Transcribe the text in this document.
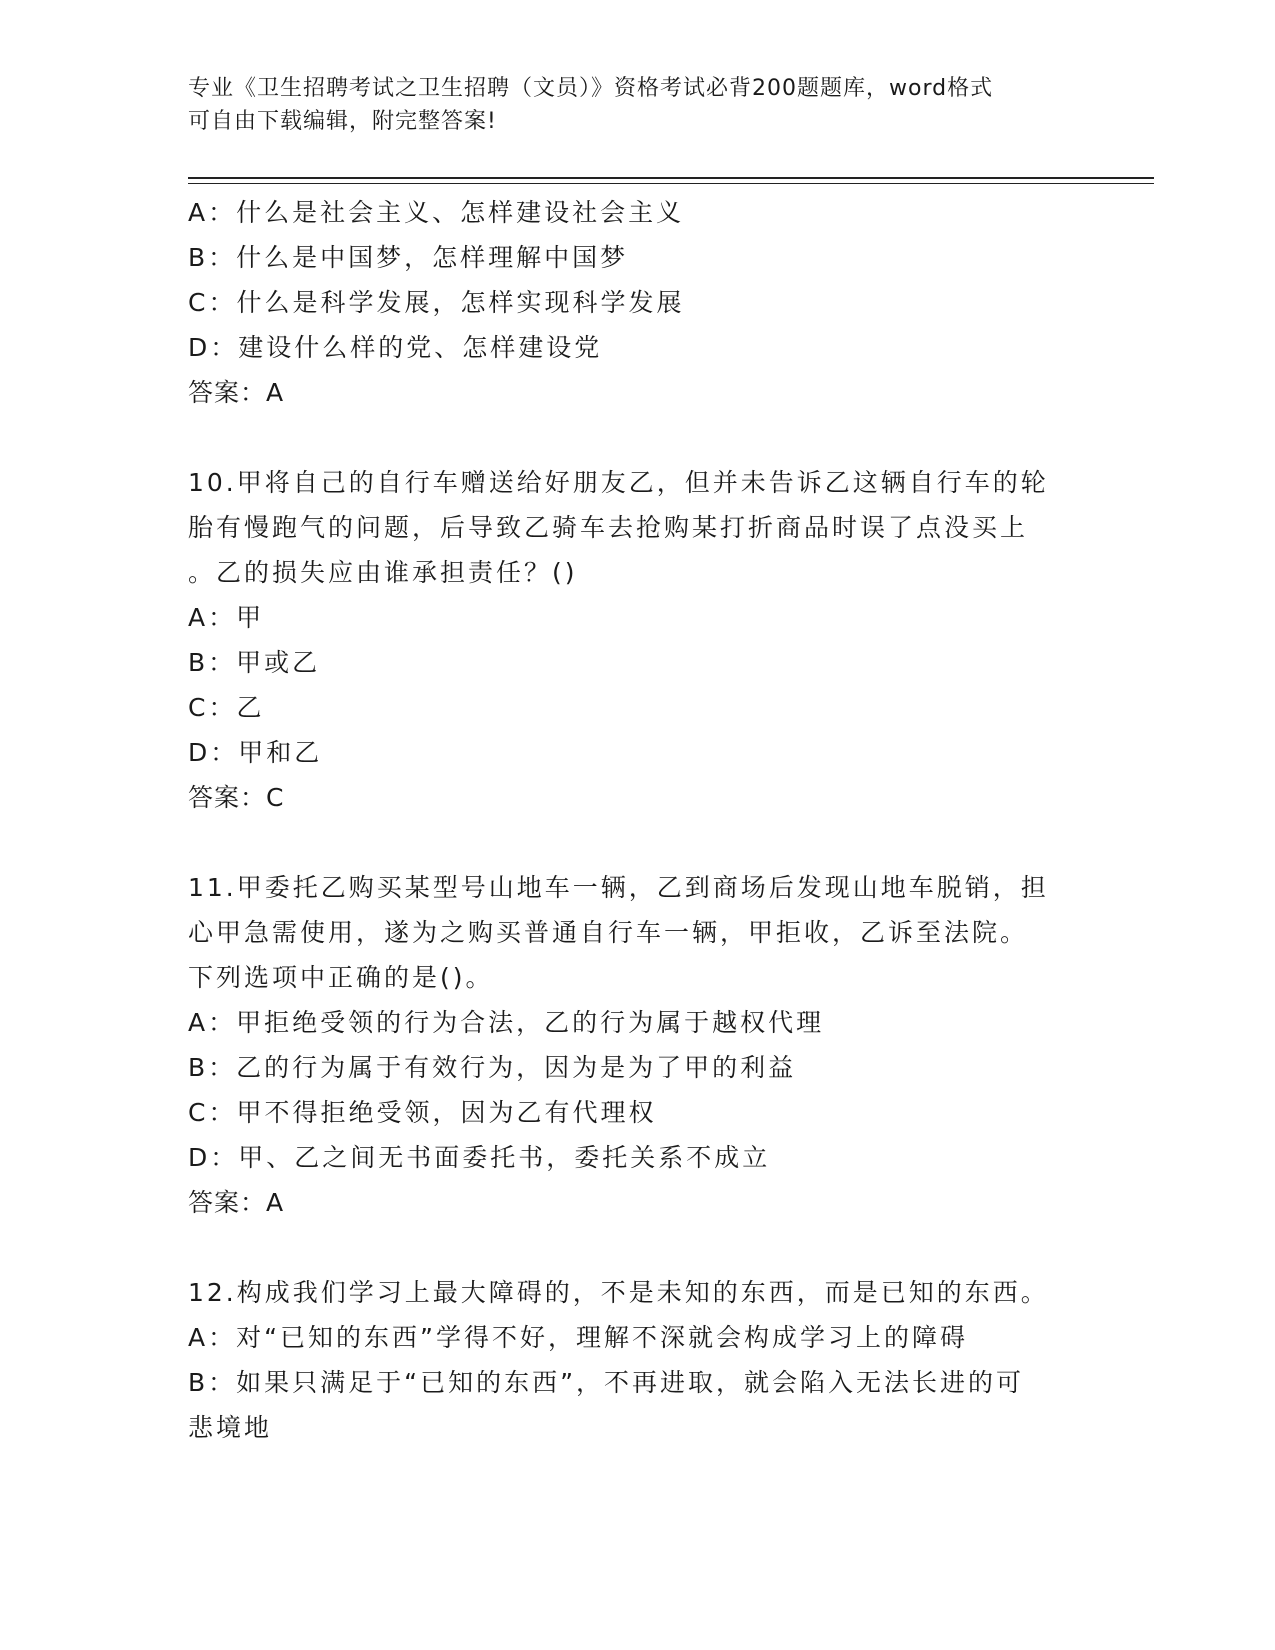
专业《卫生招聘考试之卫生招聘（文员）》资格考试必背200题题库，word格式
可自由下载编辑，附完整答案!
A：什么是社会主义、怎样建设社会主义
B：什么是中国梦，怎样理解中国梦
C：什么是科学发展，怎样实现科学发展
D：建设什么样的党、怎样建设党
答案：A
10.甲将自己的自行车赠送给好朋友乙，但并未告诉乙这辆自行车的轮
胎有慢跑气的问题，后导致乙骑车去抢购某打折商品时误了点没买上
。乙的损失应由谁承担责任？()
A：甲
B：甲或乙
C：乙
D：甲和乙
答案：C
11.甲委托乙购买某型号山地车一辆，乙到商场后发现山地车脱销，担
心甲急需使用，遂为之购买普通自行车一辆，甲拒收，乙诉至法院。
下列选项中正确的是()。
A：甲拒绝受领的行为合法，乙的行为属于越权代理
B：乙的行为属于有效行为，因为是为了甲的利益
C：甲不得拒绝受领，因为乙有代理权
D：甲、乙之间无书面委托书，委托关系不成立
答案：A
12.构成我们学习上最大障碍的，不是未知的东西，而是已知的东西。
A：对“已知的东西”学得不好，理解不深就会构成学习上的障碍
B：如果只满足于“已知的东西”，不再进取，就会陷入无法长进的可
悲境地
